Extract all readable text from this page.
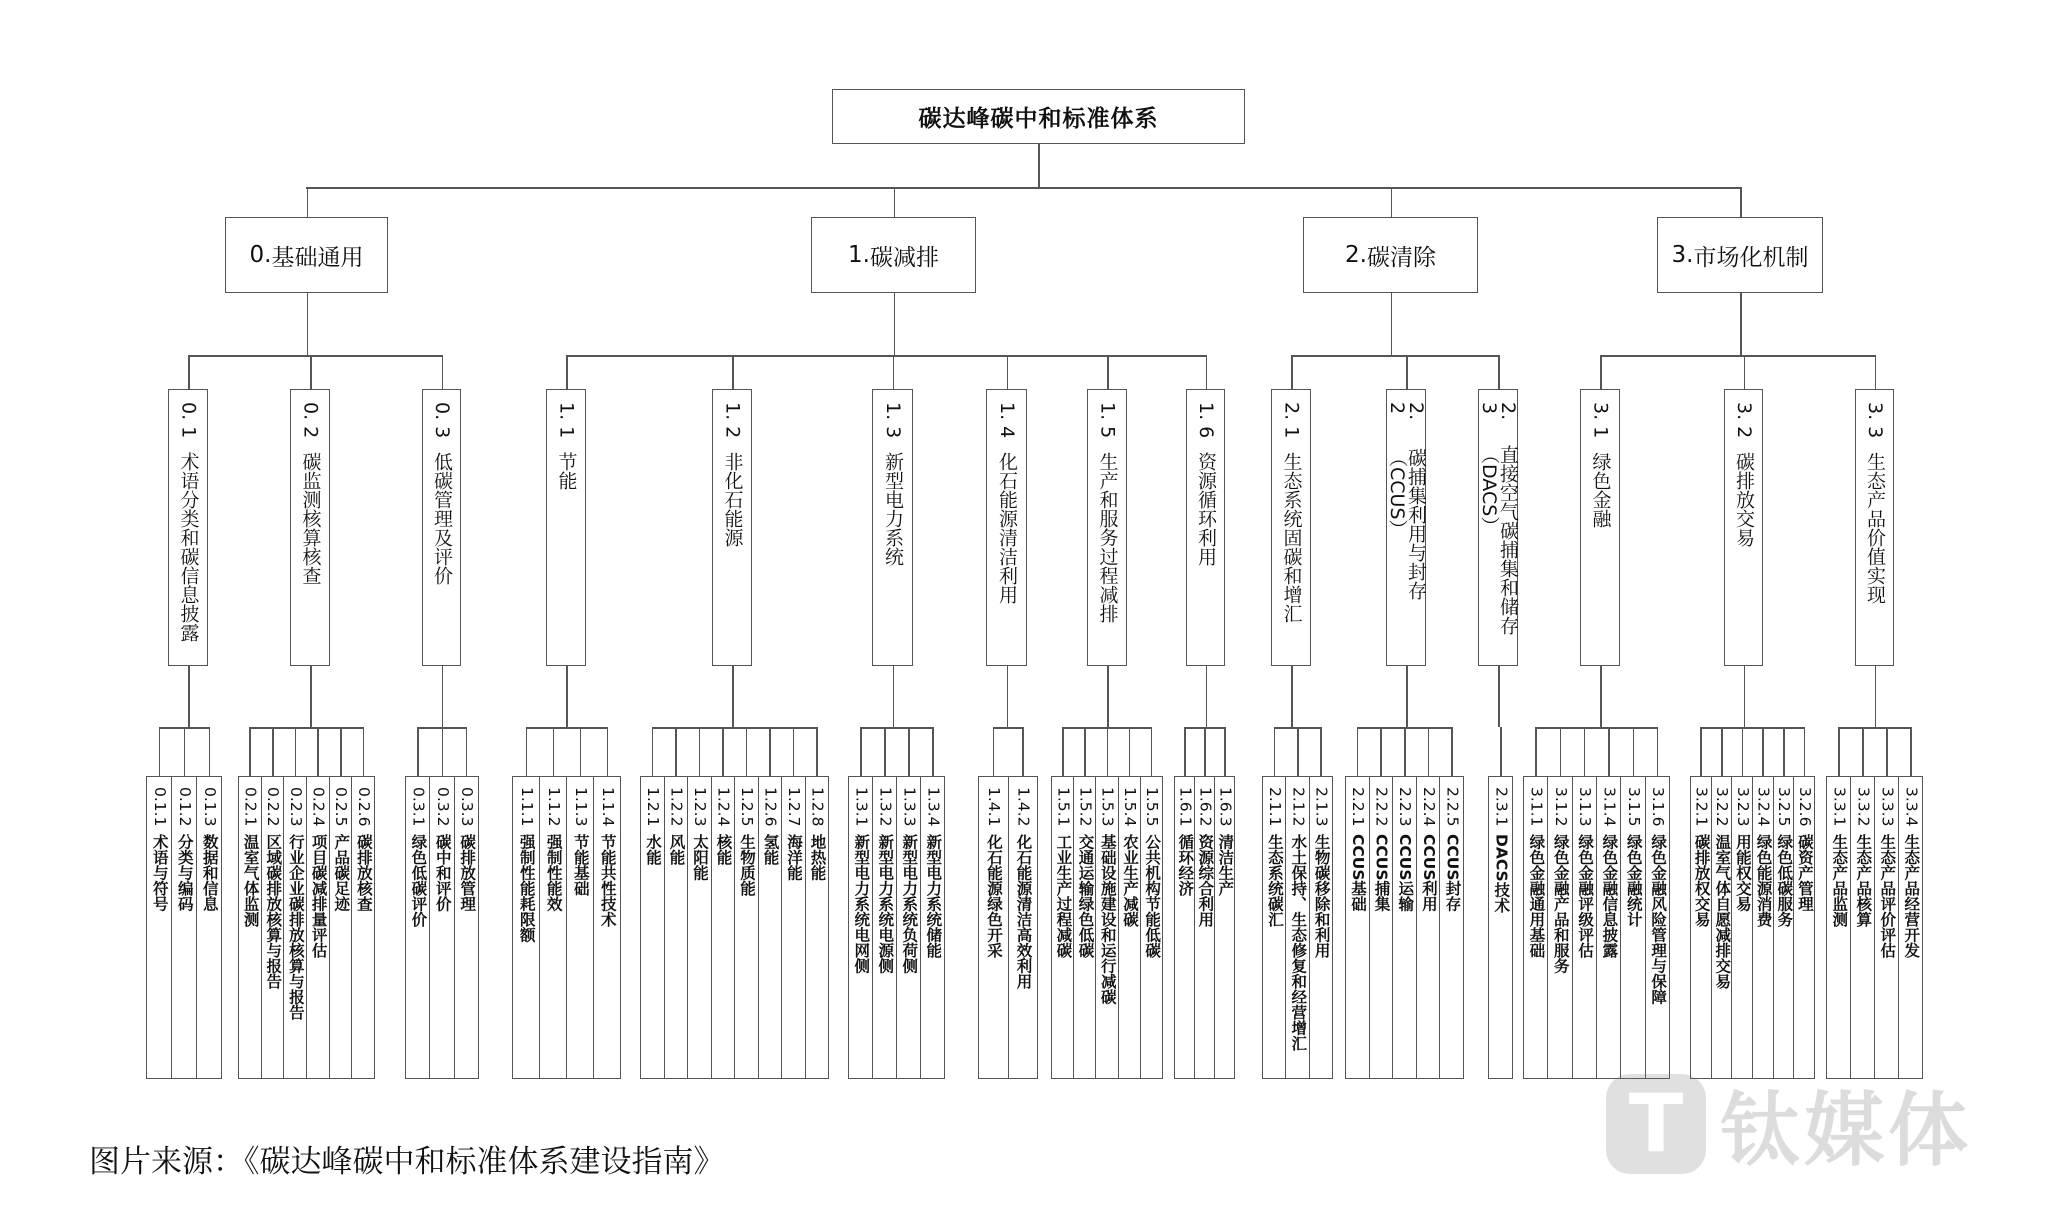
碳达峰碳中和标准体系
0. 基础通用
0. 1
术语分类和碳信息披露
0.1.1
术语与符号
0.1.2
分类与编码
0.1.3
数据和信息
0. 2
碳监测核算核查
0.2.1
温室气体监测
0.2.2
区域碳排放核算与报告
0.2.3
行业企业碳排放核算与报告
0.2.4
项目碳减排量评估
0.2.5
产品碳足迹
0.2.6
碳排放核查
0. 3
低碳管理及评价
0.3.1
绿色低碳评价
0.3.2
碳中和评价
0.3.3
碳排放管理
1. 碳减排
1. 1
节能
1.1.1
强制性能耗限额
1.1.2
强制性能效
1.1.3
节能基础
1.1.4
节能共性技术
1. 2
非化石能源
1.2.1
水能
1.2.2
风能
1.2.3
太阳能
1.2.4
核能
1.2.5
生物质能
1.2.6
氢能
1.2.7
海洋能
1.2.8
地热能
1. 3
新型电力系统
1.3.1
新型电力系统电网侧
1.3.2
新型电力系统电源侧
1.3.3
新型电力系统负荷侧
1.3.4
新型电力系统储能
1. 4
化石能源清洁利用
1.4.1
化石能源绿色开采
1.4.2
化石能源清洁高效利用
1. 5
生产和服务过程减排
1.5.1
工业生产过程减碳
1.5.2
交通运输绿色低碳
1.5.3
基础设施建设和运行减碳
1.5.4
农业生产减碳
1.5.5
公共机构节能低碳
1. 6
资源循环利用
1.6.1
循环经济
1.6.2
资源综合利用
1.6.3
清洁生产
2. 碳清除
2. 1
生态系统固碳和增汇
2.1.1
生态系统碳汇
2.1.2
水土保持、生态修复和经营增汇
2.1.3
生物碳移除和利用
2. 2
碳捕集利用与封存（CCUS）
2.2.1
CCUS基础
2.2.2
CCUS捕集
2.2.3
CCUS运输
2.2.4
CCUS利用
2.2.5
CCUS封存
2. 3
直接空气碳捕集和储存（DACS）
2.3.1
DACS技术
3. 市场化机制
3. 1
绿色金融
3.1.1
绿色金融通用基础
3.1.2
绿色金融产品和服务
3.1.3
绿色金融评级评估
3.1.4
绿色金融信息披露
3.1.5
绿色金融统计
3.1.6
绿色金融风险管理与保障
3. 2
碳排放交易
3.2.1
碳排放权交易
3.2.2
温室气体自愿减排交易
3.2.3
用能权交易
3.2.4
绿色能源消费
3.2.5
绿色低碳服务
3.2.6
碳资产管理
3. 3
生态产品价值实现
3.3.1
生态产品监测
3.3.2
生态产品核算
3.3.3
生态产品评价评估
3.3.4
生态产品经营开发
图片来源：《碳达峰碳中和标准体系建设指南》	T 钛媒体
